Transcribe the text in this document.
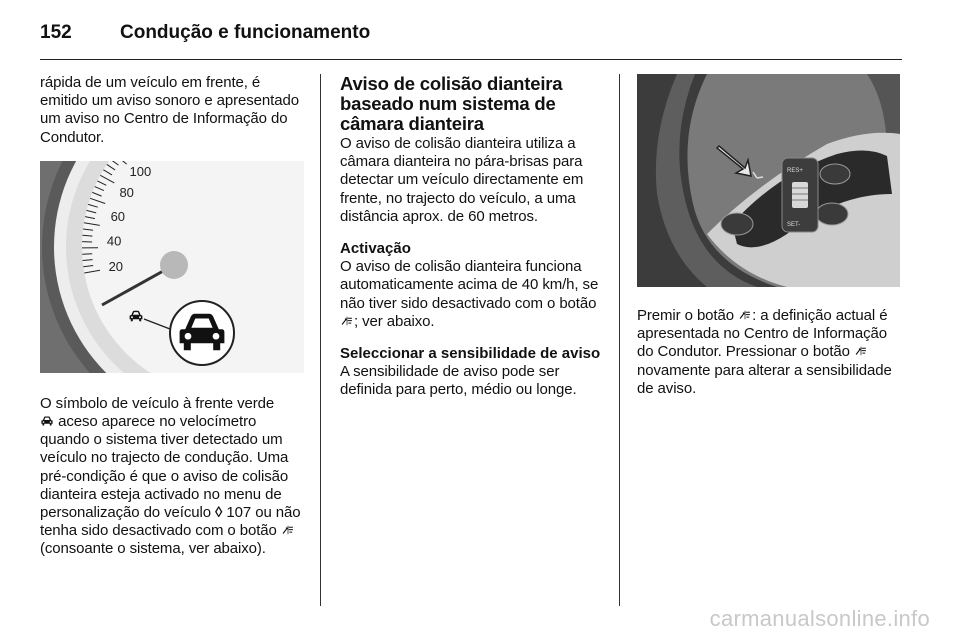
152	Condução e funcionamento

rápida de um veículo em frente, é emitido um aviso sonoro e apresentado um aviso no Centro de Informação do Condutor.

20
40
60
80
100

O símbolo de veículo à frente verde
aceso aparece no velocímetro quando o sistema tiver detectado um veículo no trajecto de condução. Uma pré-condição é que o aviso de colisão dianteira esteja activado no menu de personalização do veículo ◊ 107 ou não tenha sido desactivado com o botão  (consoante o sistema, ver abaixo).

Aviso de colisão dianteira baseado num sistema de câmara dianteira

O aviso de colisão dianteira utiliza a câmara dianteira no pára-brisas para detectar um veículo directamente em frente, no trajecto do veículo, a uma distância aprox. de 60 metros.

Activação

O aviso de colisão dianteira funciona automaticamente acima de 40 km/h, se não tiver sido desactivado com o botão ; ver abaixo.

Seleccionar a sensibilidade de aviso

A sensibilidade de aviso pode ser definida para perto, médio ou longe.

RES+
SET-

Premir o botão : a definição actual é apresentada no Centro de Informação do Condutor. Pressionar o botão  novamente para alterar a sensibilidade de aviso.

carmanualsonline.info
